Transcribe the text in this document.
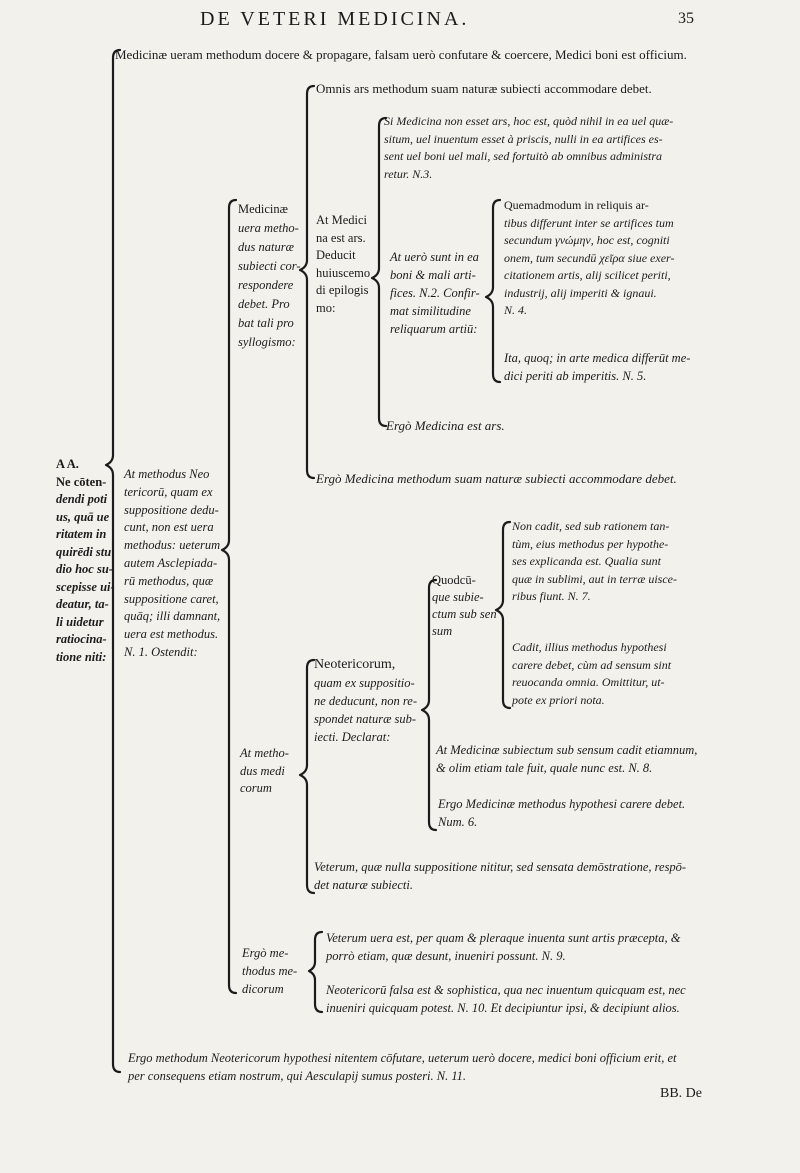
DE VETERI MEDICINA.	35
Medicinæ ueram methodum docere & propagare, falsam uerò confutare & coercere, Medici boni est officium.
A A.
Ne cōten-
dendi poti
us, quā ue
ritatem in
quirēdi stu
dio hoc su-
scepisse ui-
deatur, ta-
li uidetur
ratiocina-
tione niti:
Medicinæ
uera metho-
dus naturæ
subiecti cor-
respondere
debet. Pro
bat tali pro
syllogismo:
Omnis ars methodum suam naturæ subiecti accommodare debet.
At Medici
na est ars.
Deducit
huiuscemo
di epilogis
mo:
Si Medicina non esset ars, hoc est, quòd nihil in ea uel quæ-
situm, uel inuentum esset à priscis, nulli in ea artifices es-
sent uel boni uel mali, sed fortuitò ab omnibus administra
retur. N.3.
At uerò sunt in ea
boni & mali arti-
fices. N.2. Confir-
mat similitudine
reliquarum artiū:
Quemadmodum in reliquis ar-
tibus differunt inter se artifices tum
secundum γνώμην, hoc est, cogniti
onem, tum secundū χεῖρα siue exer-
citationem artis, alij scilicet periti,
industrij, alij imperiti & ignaui.
N. 4.
Ita, quoq; in arte medica differūt me-
dici periti ab imperitis. N. 5.
Ergò Medicina est ars.
Ergò Medicina methodum suam naturæ subiecti accommodare debet.
At methodus Neo
tericorū, quam ex
suppositione dedu-
cunt, non est uera
methodus: ueterum
autem Asclepiada-
rū methodus, quæ
suppositione caret,
quāq; illi damnant,
uera est methodus.
N. 1. Ostendit:
At metho-
dus medi
corum
Neotericorum,
quam ex suppositio-
ne deducunt, non re-
spondet naturæ sub-
iecti. Declarat:
Quodcū-
que subie-
ctum sub sen
sum
Non cadit, sed sub rationem tan-
tùm, eius methodus per hypothe-
ses explicanda est. Qualia sunt
quæ in sublimi, aut in terræ uisce-
ribus fiunt. N. 7.
Cadit, illius methodus hypothesi
carere debet, cùm ad sensum sint
reuocanda omnia. Omittitur, ut-
pote ex priori nota.
At Medicinæ subiectum sub sensum cadit etiamnum,
& olim etiam tale fuit, quale nunc est. N. 8.
Ergo Medicinæ methodus hypothesi carere debet.
Num. 6.
Veterum, quæ nulla suppositione nititur, sed sensata demōstratione, respō-
det naturæ subiecti.
Ergò me-
thodus me-
dicorum
Veterum uera est, per quam & pleraque inuenta sunt artis præcepta, &
porrò etiam, quæ desunt, inueniri possunt. N. 9.
Neotericorū falsa est & sophistica, qua nec inuentum quicquam est, nec
inueniri quicquam potest. N. 10. Et decipiuntur ipsi, & decipiunt alios.
Ergo methodum Neotericorum hypothesi nitentem cōfutare, ueterum uerò docere, medici boni officium erit, et
per consequens etiam nostrum, qui Aesculapij sumus posteri. N. 11.
BB. De
